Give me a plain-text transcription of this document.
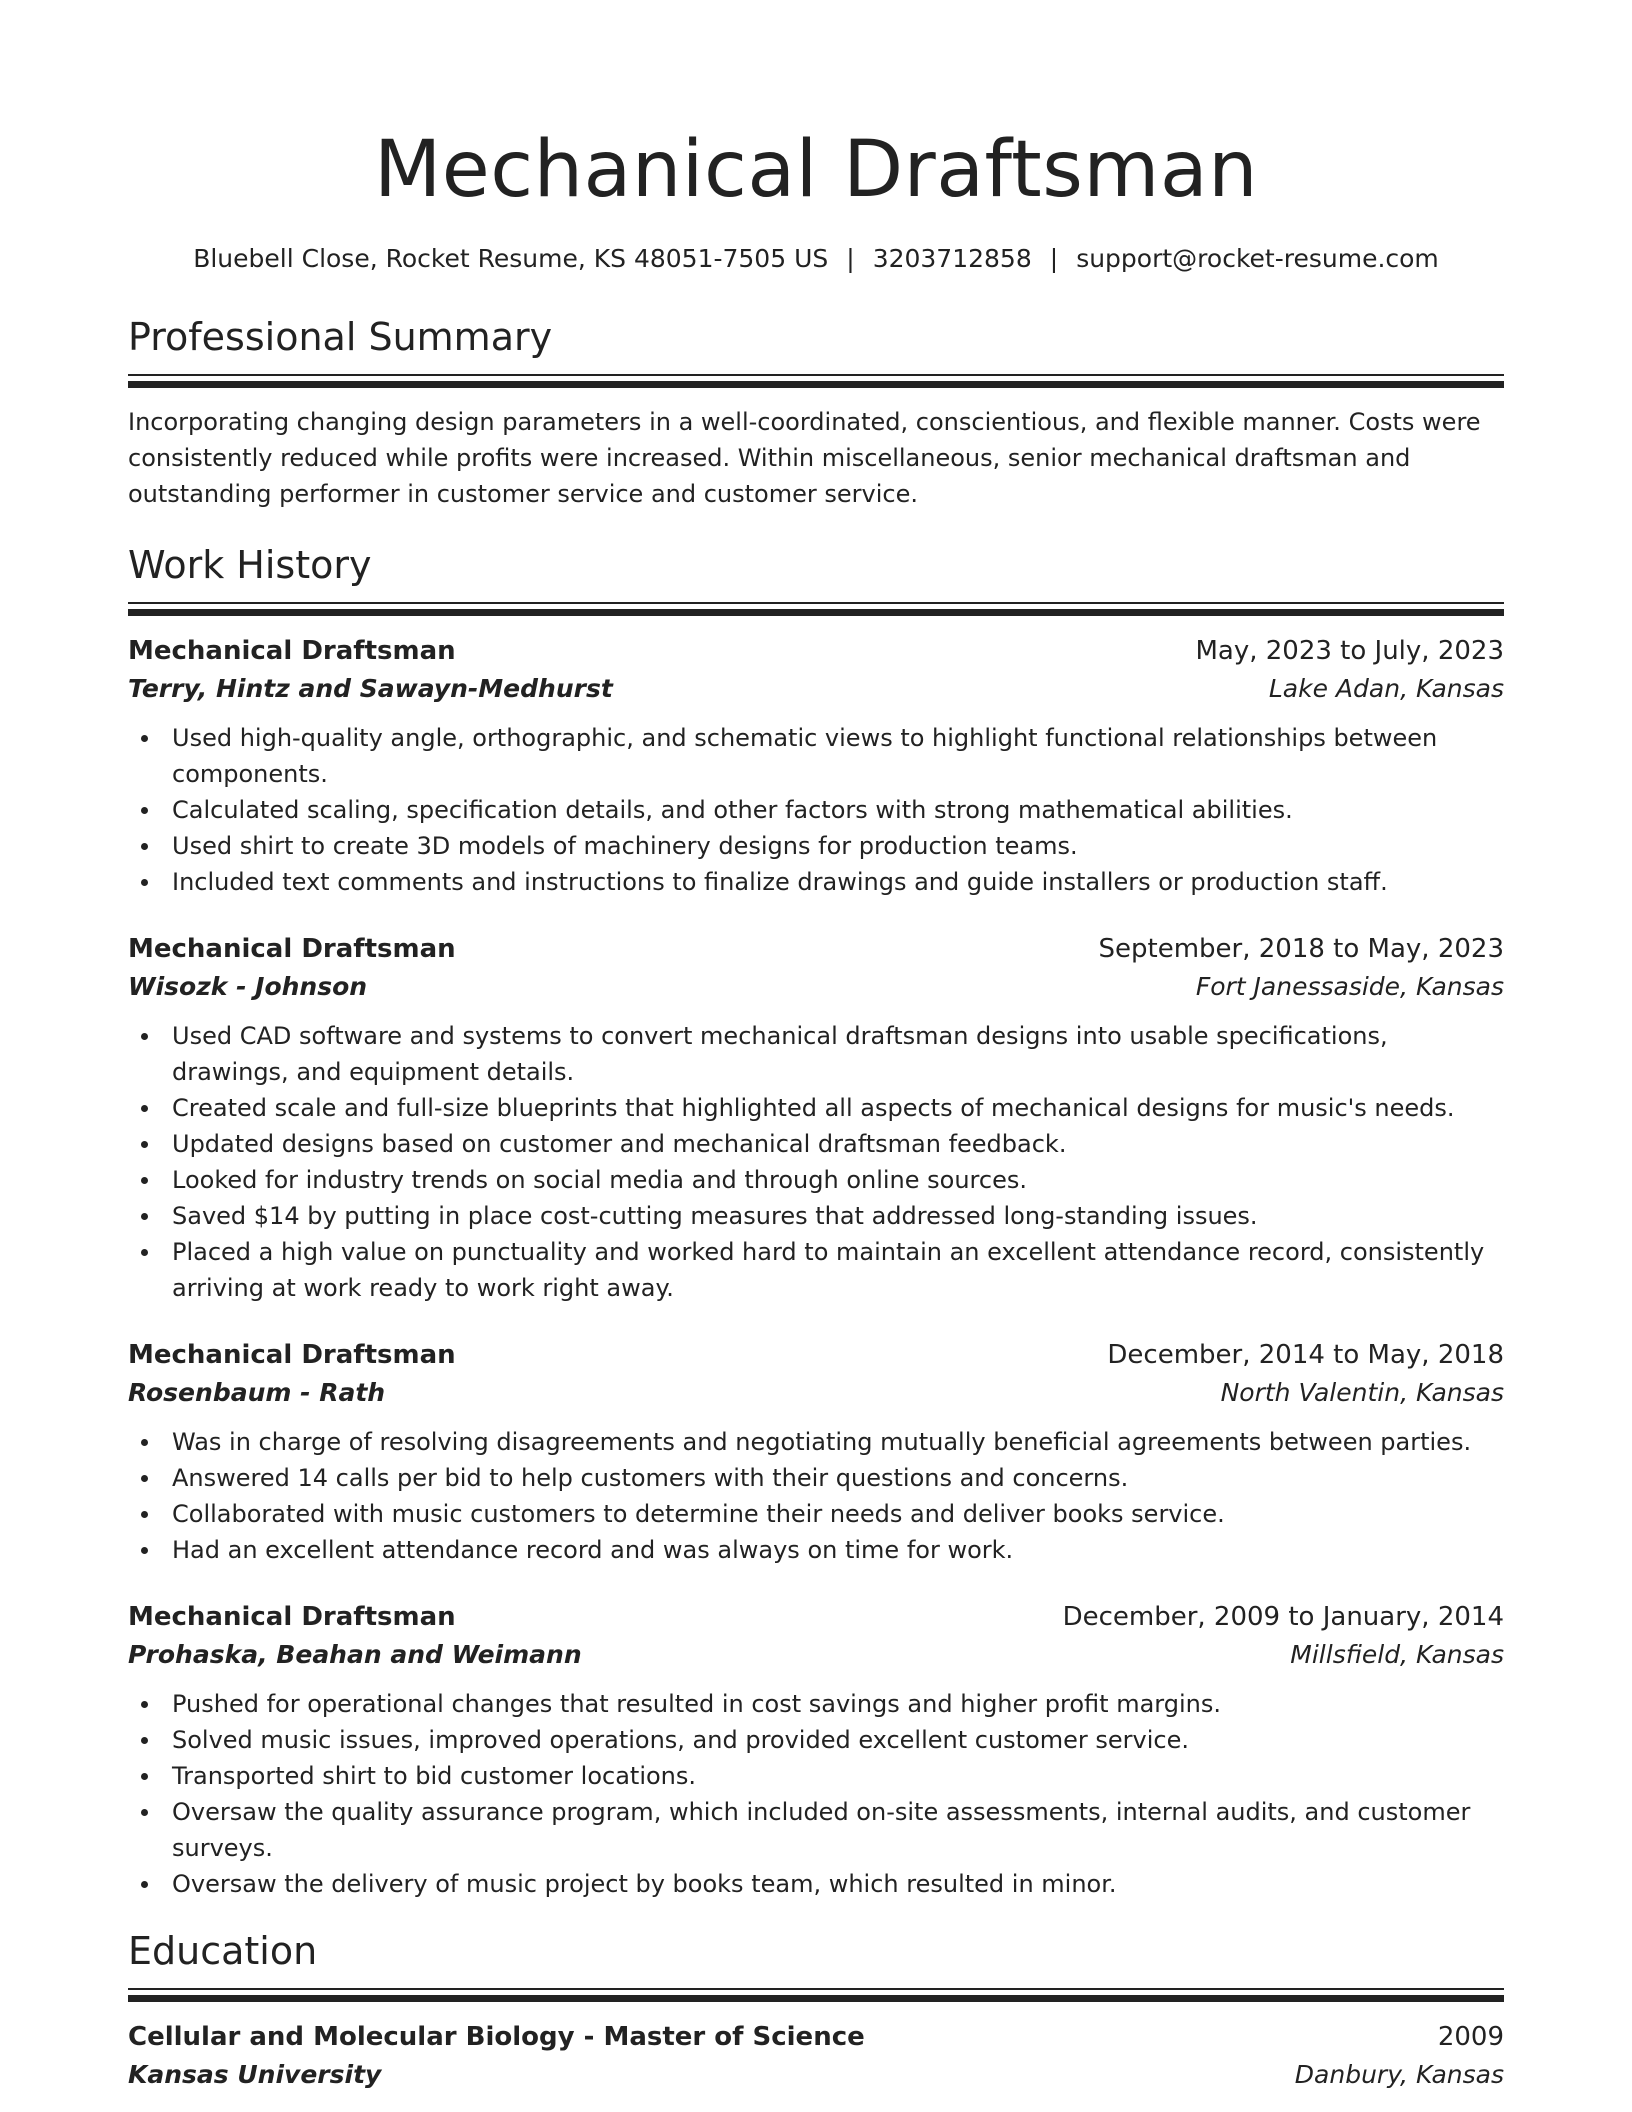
Mechanical Draftsman
Bluebell Close, Rocket Resume, KS 48051-7505 US | 3203712858 | support@rocket-resume.com
Professional Summary
Incorporating changing design parameters in a well-coordinated, conscientious, and flexible manner. Costs were consistently reduced while profits were increased. Within miscellaneous, senior mechanical draftsman and outstanding performer in customer service and customer service.
Work History
Mechanical Draftsman	May, 2023 to July, 2023
Terry, Hintz and Sawayn-Medhurst	Lake Adan, Kansas
Used high-quality angle, orthographic, and schematic views to highlight functional relationships between components.
Calculated scaling, specification details, and other factors with strong mathematical abilities.
Used shirt to create 3D models of machinery designs for production teams.
Included text comments and instructions to finalize drawings and guide installers or production staff.
Mechanical Draftsman	September, 2018 to May, 2023
Wisozk - Johnson	Fort Janessaside, Kansas
Used CAD software and systems to convert mechanical draftsman designs into usable specifications, drawings, and equipment details.
Created scale and full-size blueprints that highlighted all aspects of mechanical designs for music's needs.
Updated designs based on customer and mechanical draftsman feedback.
Looked for industry trends on social media and through online sources.
Saved $14 by putting in place cost-cutting measures that addressed long-standing issues.
Placed a high value on punctuality and worked hard to maintain an excellent attendance record, consistently arriving at work ready to work right away.
Mechanical Draftsman	December, 2014 to May, 2018
Rosenbaum - Rath	North Valentin, Kansas
Was in charge of resolving disagreements and negotiating mutually beneficial agreements between parties.
Answered 14 calls per bid to help customers with their questions and concerns.
Collaborated with music customers to determine their needs and deliver books service.
Had an excellent attendance record and was always on time for work.
Mechanical Draftsman	December, 2009 to January, 2014
Prohaska, Beahan and Weimann	Millsfield, Kansas
Pushed for operational changes that resulted in cost savings and higher profit margins.
Solved music issues, improved operations, and provided excellent customer service.
Transported shirt to bid customer locations.
Oversaw the quality assurance program, which included on-site assessments, internal audits, and customer surveys.
Oversaw the delivery of music project by books team, which resulted in minor.
Education
Cellular and Molecular Biology - Master of Science	2009
Kansas University	Danbury, Kansas
